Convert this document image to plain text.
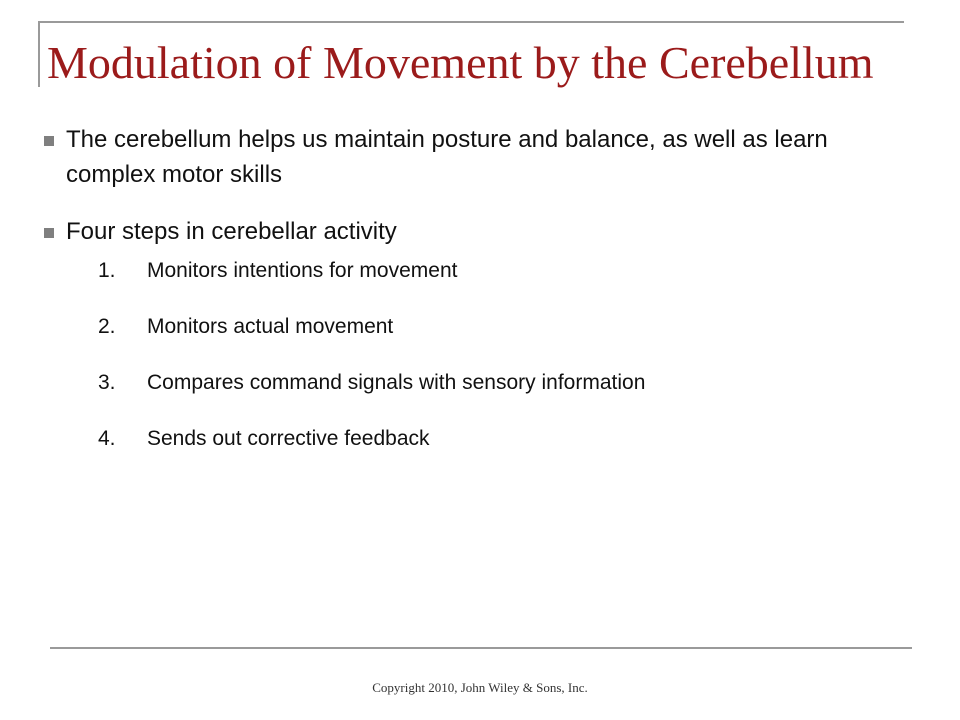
Modulation of Movement by the Cerebellum
The cerebellum helps us maintain posture and balance, as well as learn complex motor skills
Four steps in cerebellar activity
1. Monitors intentions for movement
2. Monitors actual movement
3. Compares command signals with sensory information
4. Sends out corrective feedback
Copyright 2010, John Wiley & Sons, Inc.
